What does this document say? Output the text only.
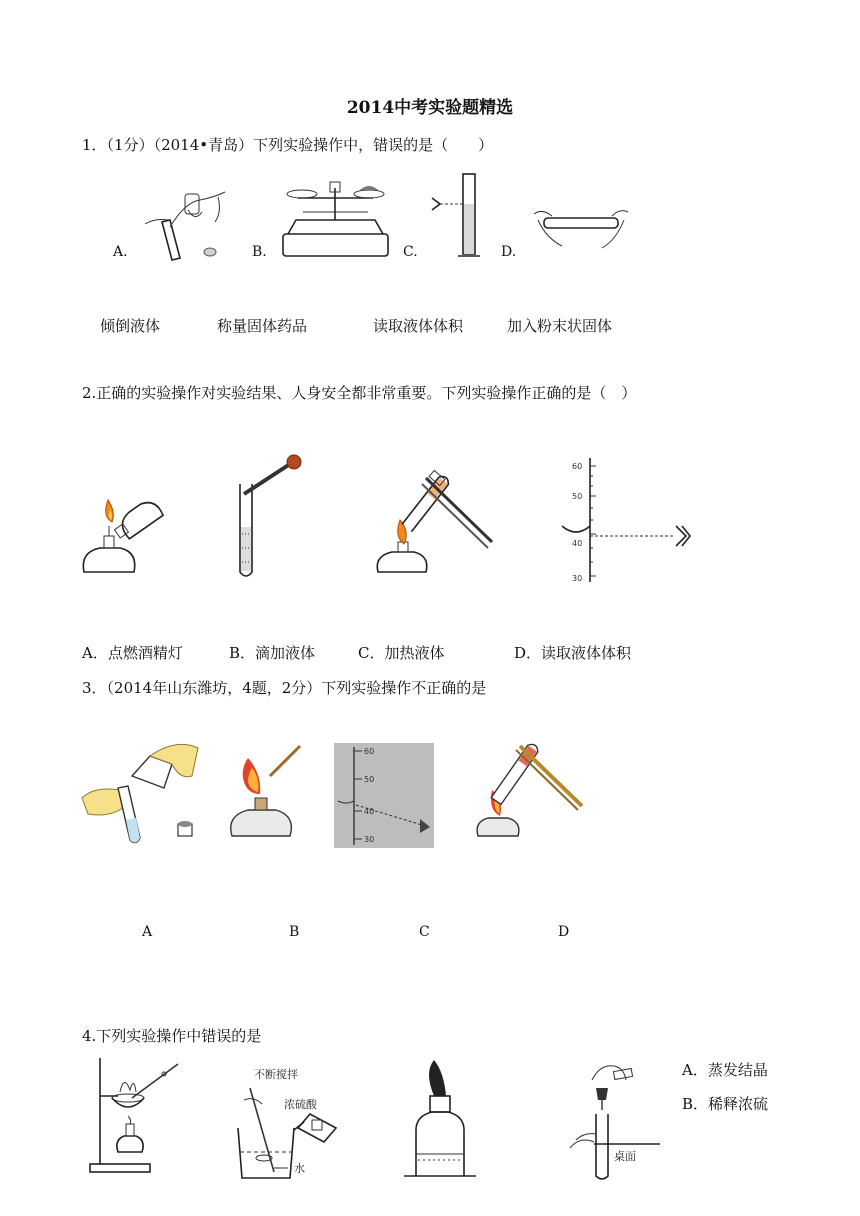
2014中考实验题精选
1．（1分）（2014•青岛）下列实验操作中，错误的是（　　）
A.	B.	C.	D.
倾倒液体	称量固体药品	读取液体体积	加入粉末状固体
2.正确的实验操作对实验结果、人身安全都非常重要。下列实验操作正确的是（　）
60
50
40
30
A．点燃酒精灯	B．滴加液体	C．加热液体	D．读取液体体积
3．（2014年山东潍坊，4题，2分）下列实验操作不正确的是
60
50
40
30
A	B	C	D
4.下列实验操作中错误的是
不断搅拌
浓硫酸
水
桌面
A．蒸发结晶
B．稀释浓硫
